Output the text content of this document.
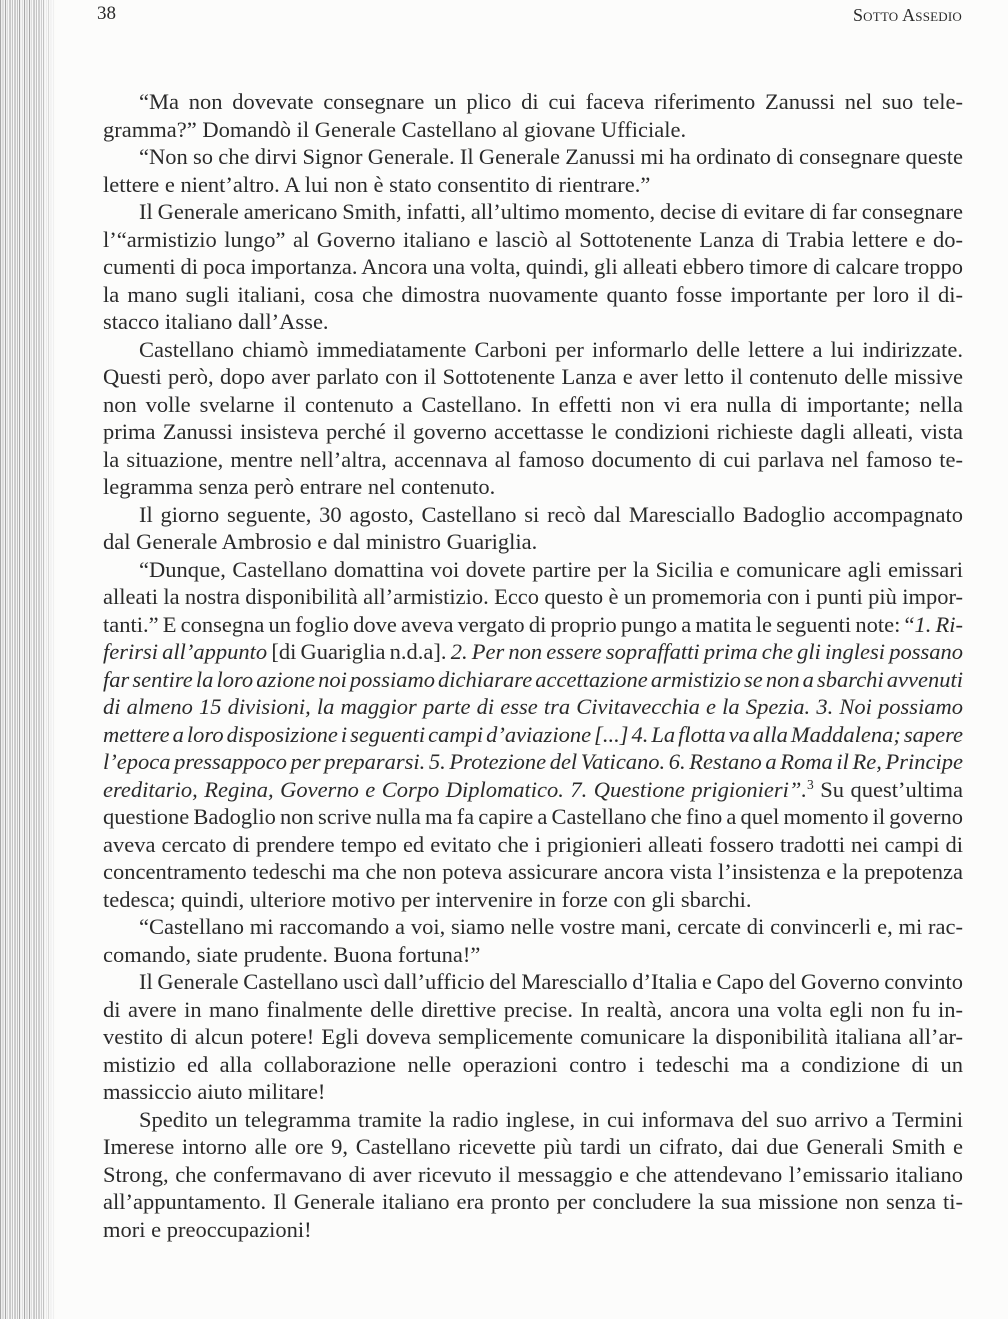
38	Sotto Assedio
“Ma non dovevate consegnare un plico di cui faceva riferimento Zanussi nel suo tele-
gramma?” Domandò il Generale Castellano al giovane Ufficiale.
“Non so che dirvi Signor Generale. Il Generale Zanussi mi ha ordinato di consegnare queste
lettere e nient’altro. A lui non è stato consentito di rientrare.”
Il Generale americano Smith, infatti, all’ultimo momento, decise di evitare di far consegnare
l’“armistizio lungo” al Governo italiano e lasciò al Sottotenente Lanza di Trabia lettere e do-
cumenti di poca importanza. Ancora una volta, quindi, gli alleati ebbero timore di calcare troppo
la mano sugli italiani, cosa che dimostra nuovamente quanto fosse importante per loro il di-
stacco italiano dall’Asse.
Castellano chiamò immediatamente Carboni per informarlo delle lettere a lui indirizzate.
Questi però, dopo aver parlato con il Sottotenente Lanza e aver letto il contenuto delle missive
non volle svelarne il contenuto a Castellano. In effetti non vi era nulla di importante; nella
prima Zanussi insisteva perché il governo accettasse le condizioni richieste dagli alleati, vista
la situazione, mentre nell’altra, accennava al famoso documento di cui parlava nel famoso te-
legramma senza però entrare nel contenuto.
Il giorno seguente, 30 agosto, Castellano si recò dal Maresciallo Badoglio accompagnato
dal Generale Ambrosio e dal ministro Guariglia.
“Dunque, Castellano domattina voi dovete partire per la Sicilia e comunicare agli emissari
alleati la nostra disponibilità all’armistizio. Ecco questo è un promemoria con i punti più impor-
tanti.” E consegna un foglio dove aveva vergato di proprio pungo a matita le seguenti note: “1. Ri-
ferirsi all’appunto [di Guariglia n.d.a]. 2. Per non essere sopraffatti prima che gli inglesi possano
far sentire la loro azione noi possiamo dichiarare accettazione armistizio se non a sbarchi avvenuti
di almeno 15 divisioni, la maggior parte di esse tra Civitavecchia e la Spezia. 3. Noi possiamo
mettere a loro disposizione i seguenti campi d’aviazione [...] 4. La flotta va alla Maddalena; sapere
l’epoca pressappoco per prepararsi. 5. Protezione del Vaticano. 6. Restano a Roma il Re, Principe
ereditario, Regina, Governo e Corpo Diplomatico. 7. Questione prigionieri”.$^3$ Su quest’ultima
questione Badoglio non scrive nulla ma fa capire a Castellano che fino a quel momento il governo
aveva cercato di prendere tempo ed evitato che i prigionieri alleati fossero tradotti nei campi di
concentramento tedeschi ma che non poteva assicurare ancora vista l’insistenza e la prepotenza
tedesca; quindi, ulteriore motivo per intervenire in forze con gli sbarchi.
“Castellano mi raccomando a voi, siamo nelle vostre mani, cercate di convincerli e, mi rac-
comando, siate prudente. Buona fortuna!”
Il Generale Castellano uscì dall’ufficio del Maresciallo d’Italia e Capo del Governo convinto
di avere in mano finalmente delle direttive precise. In realtà, ancora una volta egli non fu in-
vestito di alcun potere! Egli doveva semplicemente comunicare la disponibilità italiana all’ar-
mistizio ed alla collaborazione nelle operazioni contro i tedeschi ma a condizione di un
massiccio aiuto militare!
Spedito un telegramma tramite la radio inglese, in cui informava del suo arrivo a Termini
Imerese intorno alle ore 9, Castellano ricevette più tardi un cifrato, dai due Generali Smith e
Strong, che confermavano di aver ricevuto il messaggio e che attendevano l’emissario italiano
all’appuntamento. Il Generale italiano era pronto per concludere la sua missione non senza ti-
mori e preoccupazioni!
